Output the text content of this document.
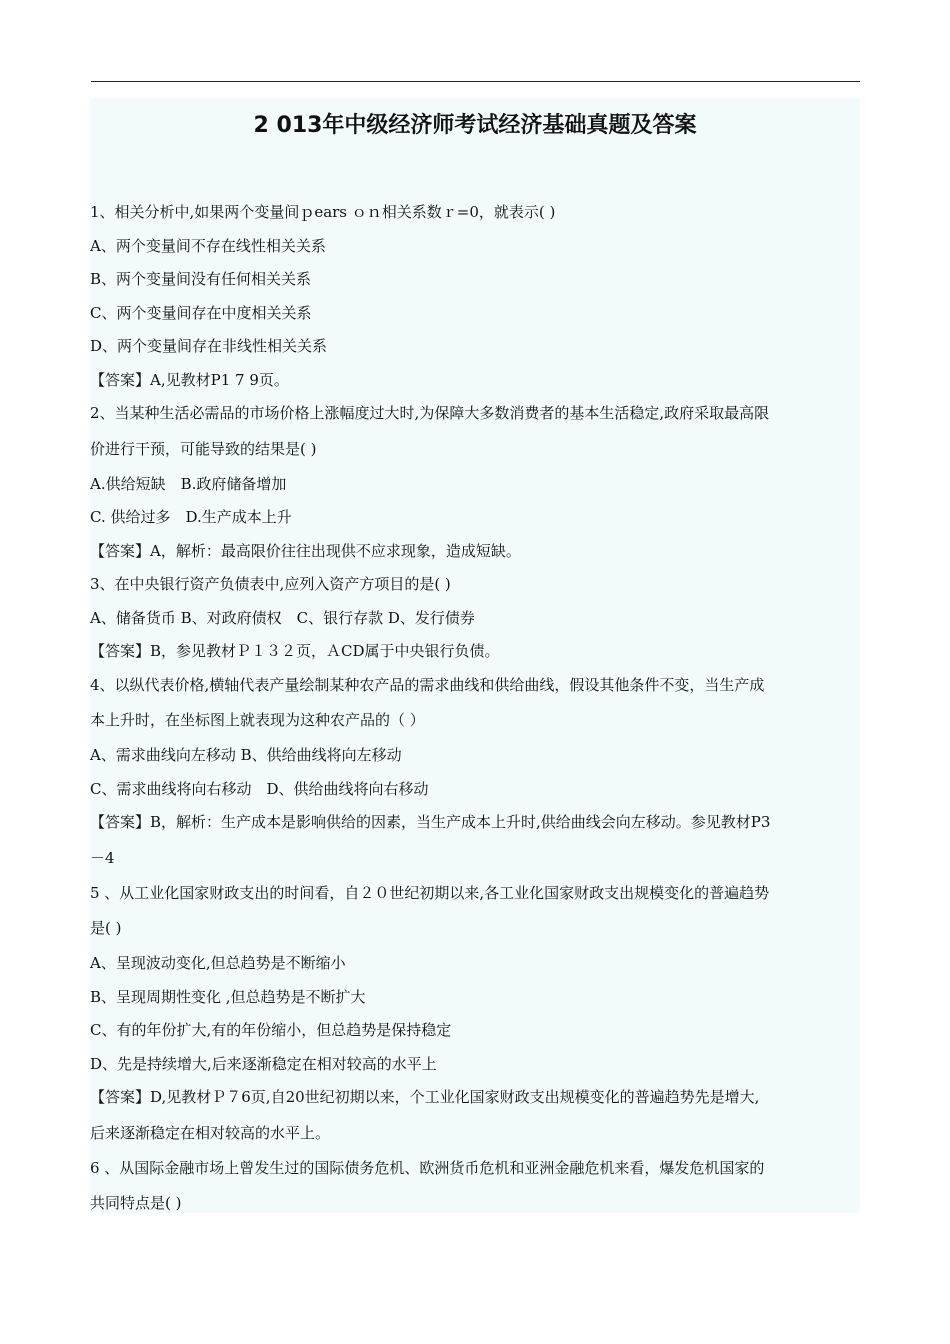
2 013年中级经济师考试经济基础真题及答案
1、相关分析中,如果两个变量间ｐears ｏｎ相关系数ｒ=0，就表示( )
A、两个变量间不存在线性相关关系
B、两个变量间没有任何相关关系
C、两个变量间存在中度相关关系
D、两个变量间存在非线性相关关系
【答案】A,见教材P1 7 9页。
2、当某种生活必需品的市场价格上涨幅度过大时,为保障大多数消费者的基本生活稳定,政府采取最高限
价进行干预，可能导致的结果是( )
A.供给短缺　B.政府储备增加
C. 供给过多　D.生产成本上升
【答案】A，解析：最高限价往往出现供不应求现象，造成短缺。
3、在中央银行资产负债表中,应列入资产方项目的是( )
A、储备货币 B、对政府债权　C、银行存款 D、发行债券
【答案】B，参见教材Ｐ１３２页，ＡCD属于中央银行负债。
4、以纵代表价格,横轴代表产量绘制某种农产品的需求曲线和供给曲线，假设其他条件不变，当生产成
本上升时，在坐标图上就表现为这种农产品的（ ）
A、需求曲线向左移动 B、供给曲线将向左移动
C、需求曲线将向右移动　D、供给曲线将向右移动
【答案】B，解析：生产成本是影响供给的因素，当生产成本上升时,供给曲线会向左移动。参见教材P3
－4
5 、从工业化国家财政支出的时间看，自２０世纪初期以来,各工业化国家财政支出规模变化的普遍趋势
是( )
A、呈现波动变化,但总趋势是不断缩小
B、呈现周期性变化 ,但总趋势是不断扩大
C、有的年份扩大,有的年份缩小，但总趋势是保持稳定
D、先是持续增大,后来逐渐稳定在相对较高的水平上
【答案】D,见教材Ｐ７6页,自20世纪初期以来，个工业化国家财政支出规模变化的普遍趋势先是增大,
后来逐渐稳定在相对较高的水平上。
6 、从国际金融市场上曾发生过的国际债务危机、欧洲货币危机和亚洲金融危机来看，爆发危机国家的
共同特点是( )
